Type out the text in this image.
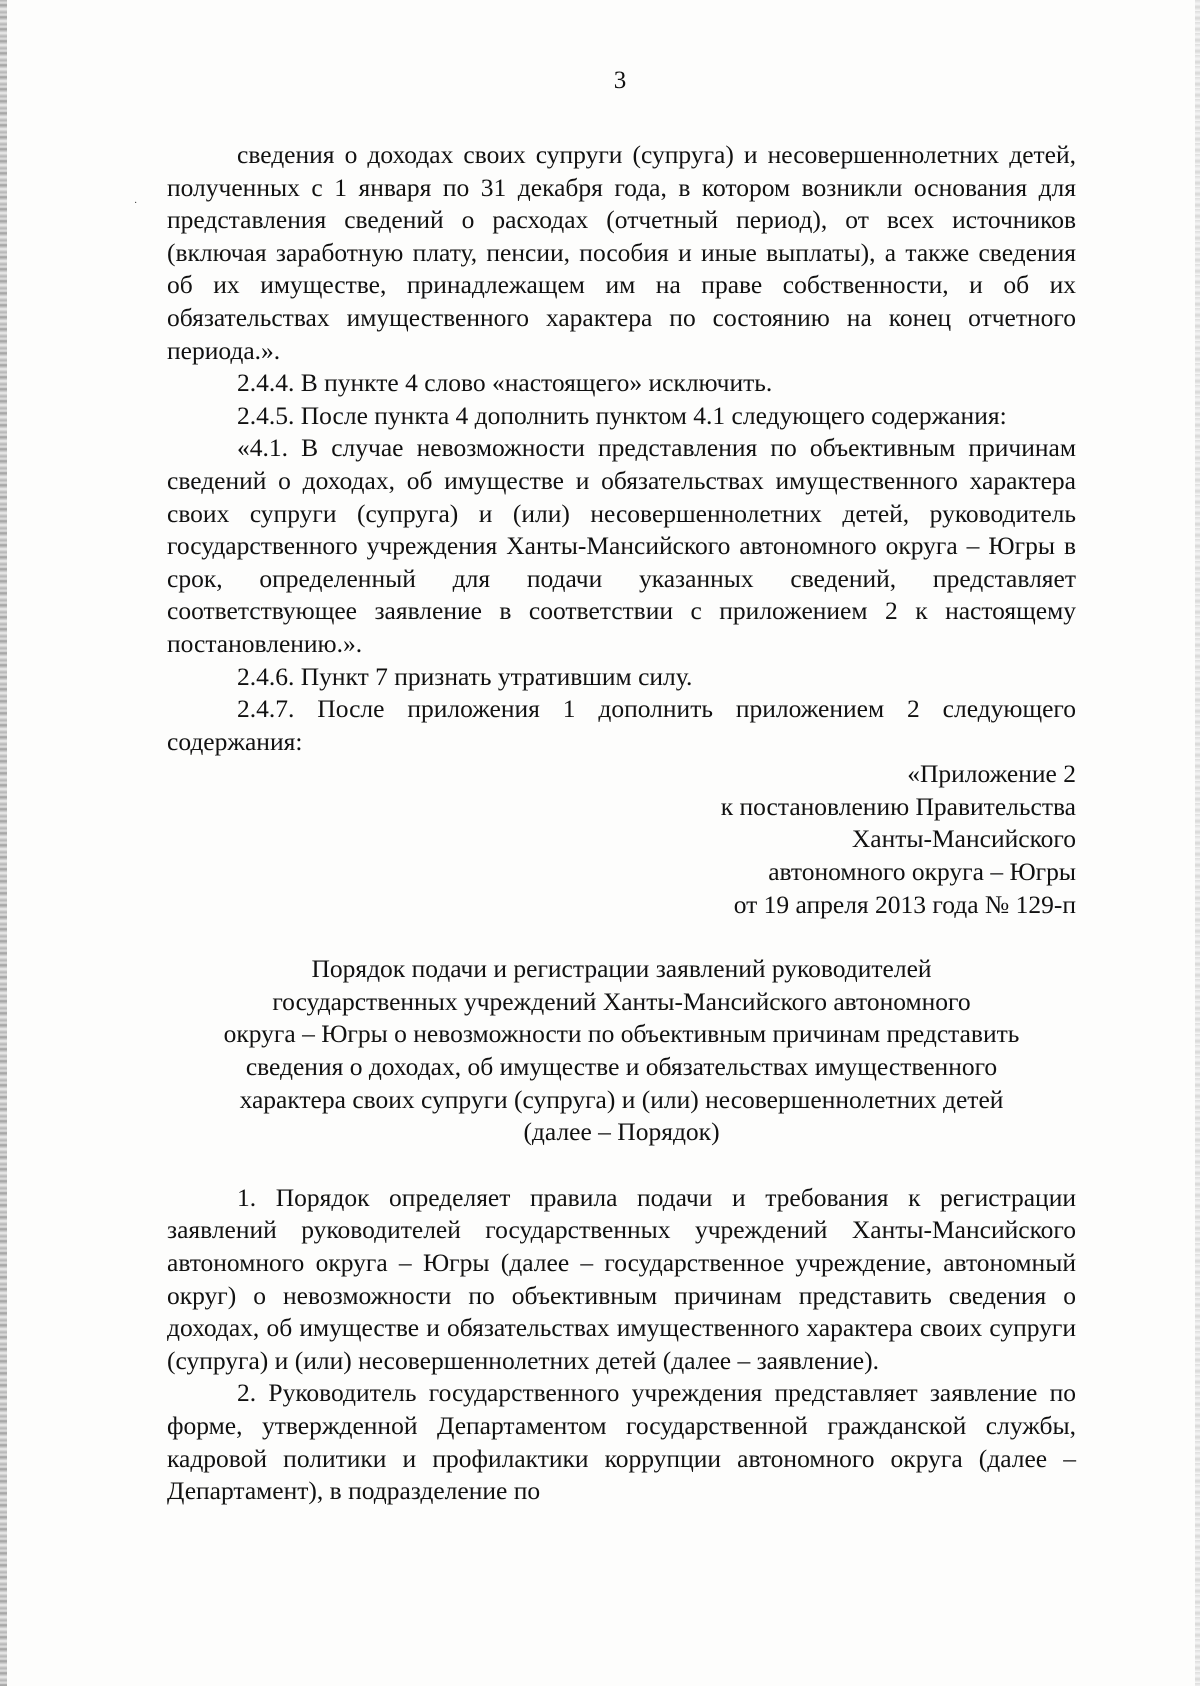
·
3

сведения о доходах своих супруги (супруга) и несовершеннолетних детей, полученных с 1 января по 31 декабря года, в котором возникли основания для представления сведений о расходах (отчетный период), от всех источников (включая заработную плату, пенсии, пособия и иные выплаты), а также сведения об их имуществе, принадлежащем им на праве собственности, и об их обязательствах имущественного характера по состоянию на конец отчетного периода.».

2.4.4. В пункте 4 слово «настоящего» исключить.

2.4.5. После пункта 4 дополнить пунктом 4.1 следующего содержания:

«4.1. В случае невозможности представления по объективным причинам сведений о доходах, об имуществе и обязательствах имущественного характера своих супруги (супруга) и (или) несовершеннолетних детей, руководитель государственного учреждения Ханты-Мансийского автономного округа – Югры в срок, определенный для подачи указанных сведений, представляет соответствующее заявление в соответствии с приложением 2 к настоящему постановлению.».

2.4.6. Пункт 7 признать утратившим силу.

2.4.7. После приложения 1 дополнить приложением 2 следующего содержания:

«Приложение 2
к постановлению Правительства
Ханты-Мансийского
автономного округа – Югры
от 19 апреля 2013 года № 129-п
Порядок подачи и регистрации заявлений руководителей
государственных учреждений Ханты-Мансийского автономного
округа – Югры о невозможности по объективным причинам представить
сведения о доходах, об имуществе и обязательствах имущественного
характера своих супруги (супруга) и (или) несовершеннолетних детей
(далее – Порядок)

1. Порядок определяет правила подачи и требования к регистрации заявлений руководителей государственных учреждений Ханты-Мансийского автономного округа – Югры (далее – государственное учреждение, автономный округ) о невозможности по объективным причинам представить сведения о доходах, об имуществе и обязательствах имущественного характера своих супруги (супруга) и (или) несовершеннолетних детей (далее – заявление).

2. Руководитель государственного учреждения представляет заявление по форме, утвержденной Департаментом государственной гражданской службы, кадровой политики и профилактики коррупции автономного округа (далее – Департамент), в подразделение по
